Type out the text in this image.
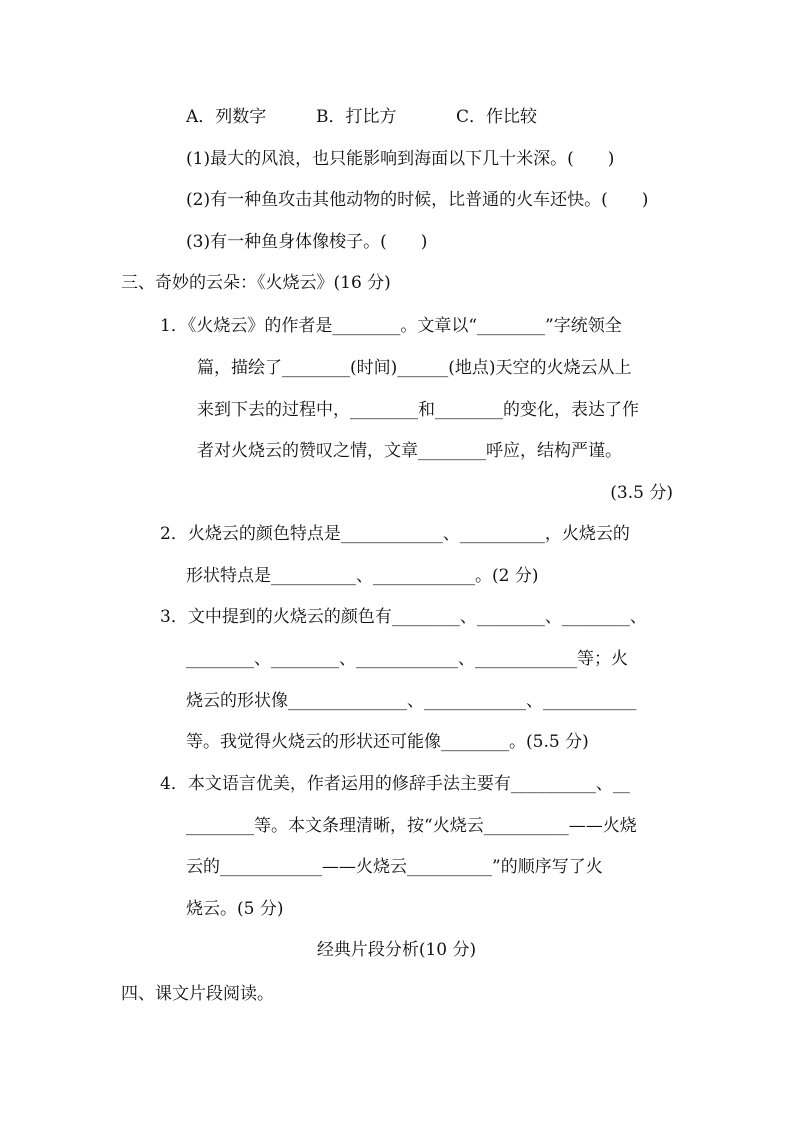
A．列数字	B．打比方	C．作比较
(1)最大的风浪，也只能影响到海面以下几十米深。(　　)
(2)有一种鱼攻击其他动物的时候，比普通的火车还快。(　　)
(3)有一种鱼身体像梭子。(　　)
三、奇妙的云朵：《火烧云》(16 分)
1．《火烧云》的作者是________。文章以“________”字统领全
篇，描绘了________(时间)______(地点)天空的火烧云从上
来到下去的过程中，________和________的变化，表达了作
者对火烧云的赞叹之情，文章________呼应，结构严谨。
(3.5 分)
2．火烧云的颜色特点是____________、__________，火烧云的
形状特点是__________、____________。(2 分)
3．文中提到的火烧云的颜色有________、________、________、
________、________、____________、____________等；火
烧云的形状像______________、____________、___________
等。我觉得火烧云的形状还可能像________。(5.5 分)
4．本文语言优美，作者运用的修辞手法主要有__________、__
________等。本文条理清晰，按“火烧云__________——火烧
云的____________——火烧云__________”的顺序写了火
烧云。(5 分)
经典片段分析(10 分)
四、课文片段阅读。
